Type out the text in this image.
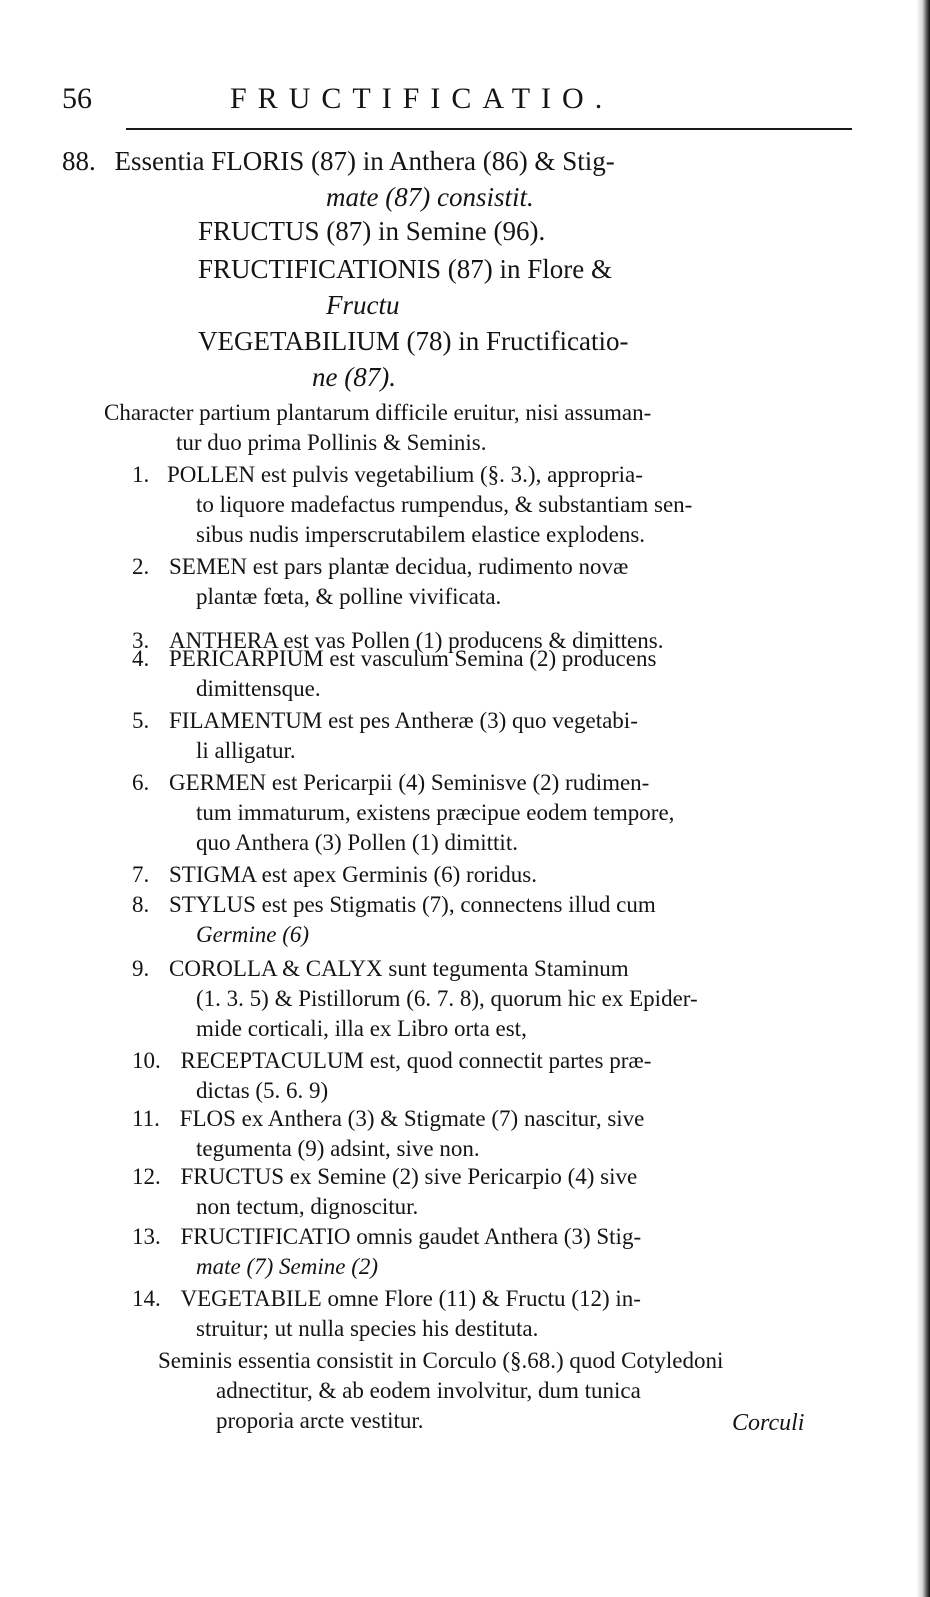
56	FRUCTIFICATIO.
88. Essentia FLORIS (87) in Anthera (86) & Stig-
mate (87) consistit.
FRUCTUS (87) in Semine (96).
FRUCTIFICATIONIS (87) in Flore &
Fructu
VEGETABILIUM (78) in Fructificatio-
ne (87).
Character partium plantarum difficile eruitur, nisi assuman-
tur duo prima Pollinis & Seminis.
1. POLLEN est pulvis vegetabilium (§. 3.), appropria-
to liquore madefactus rumpendus, & substantiam sen-
sibus nudis imperscrutabilem elastice explodens.
2. SEMEN est pars plantæ decidua, rudimento novæ
plantæ fœta, & polline vivificata.
3. ANTHERA est vas Pollen (1) producens & dimittens.
4. PERICARPIUM est vasculum Semina (2) producens
dimittensque.
5. FILAMENTUM est pes Antheræ (3) quo vegetabi-
li alligatur.
6. GERMEN est Pericarpii (4) Seminisve (2) rudimen-
tum immaturum, existens præcipue eodem tempore,
quo Anthera (3) Pollen (1) dimittit.
7. STIGMA est apex Germinis (6) roridus.
8. STYLUS est pes Stigmatis (7), connectens illud cum
Germine (6)
9. COROLLA & CALYX sunt tegumenta Staminum
(1. 3. 5) & Pistillorum (6. 7. 8), quorum hic ex Epider-
mide corticali, illa ex Libro orta est,
10. RECEPTACULUM est, quod connectit partes præ-
dictas (5. 6. 9)
11. FLOS ex Anthera (3) & Stigmate (7) nascitur, sive
tegumenta (9) adsint, sive non.
12. FRUCTUS ex Semine (2) sive Pericarpio (4) sive
non tectum, dignoscitur.
13. FRUCTIFICATIO omnis gaudet Anthera (3) Stig-
mate (7) Semine (2)
14. VEGETABILE omne Flore (11) & Fructu (12) in-
struitur; ut nulla species his destituta.
Seminis essentia consistit in Corculo (§.68.) quod Cotyledoni
adnectitur, & ab eodem involvitur, dum tunica
proporia arcte vestitur.	Corculi
